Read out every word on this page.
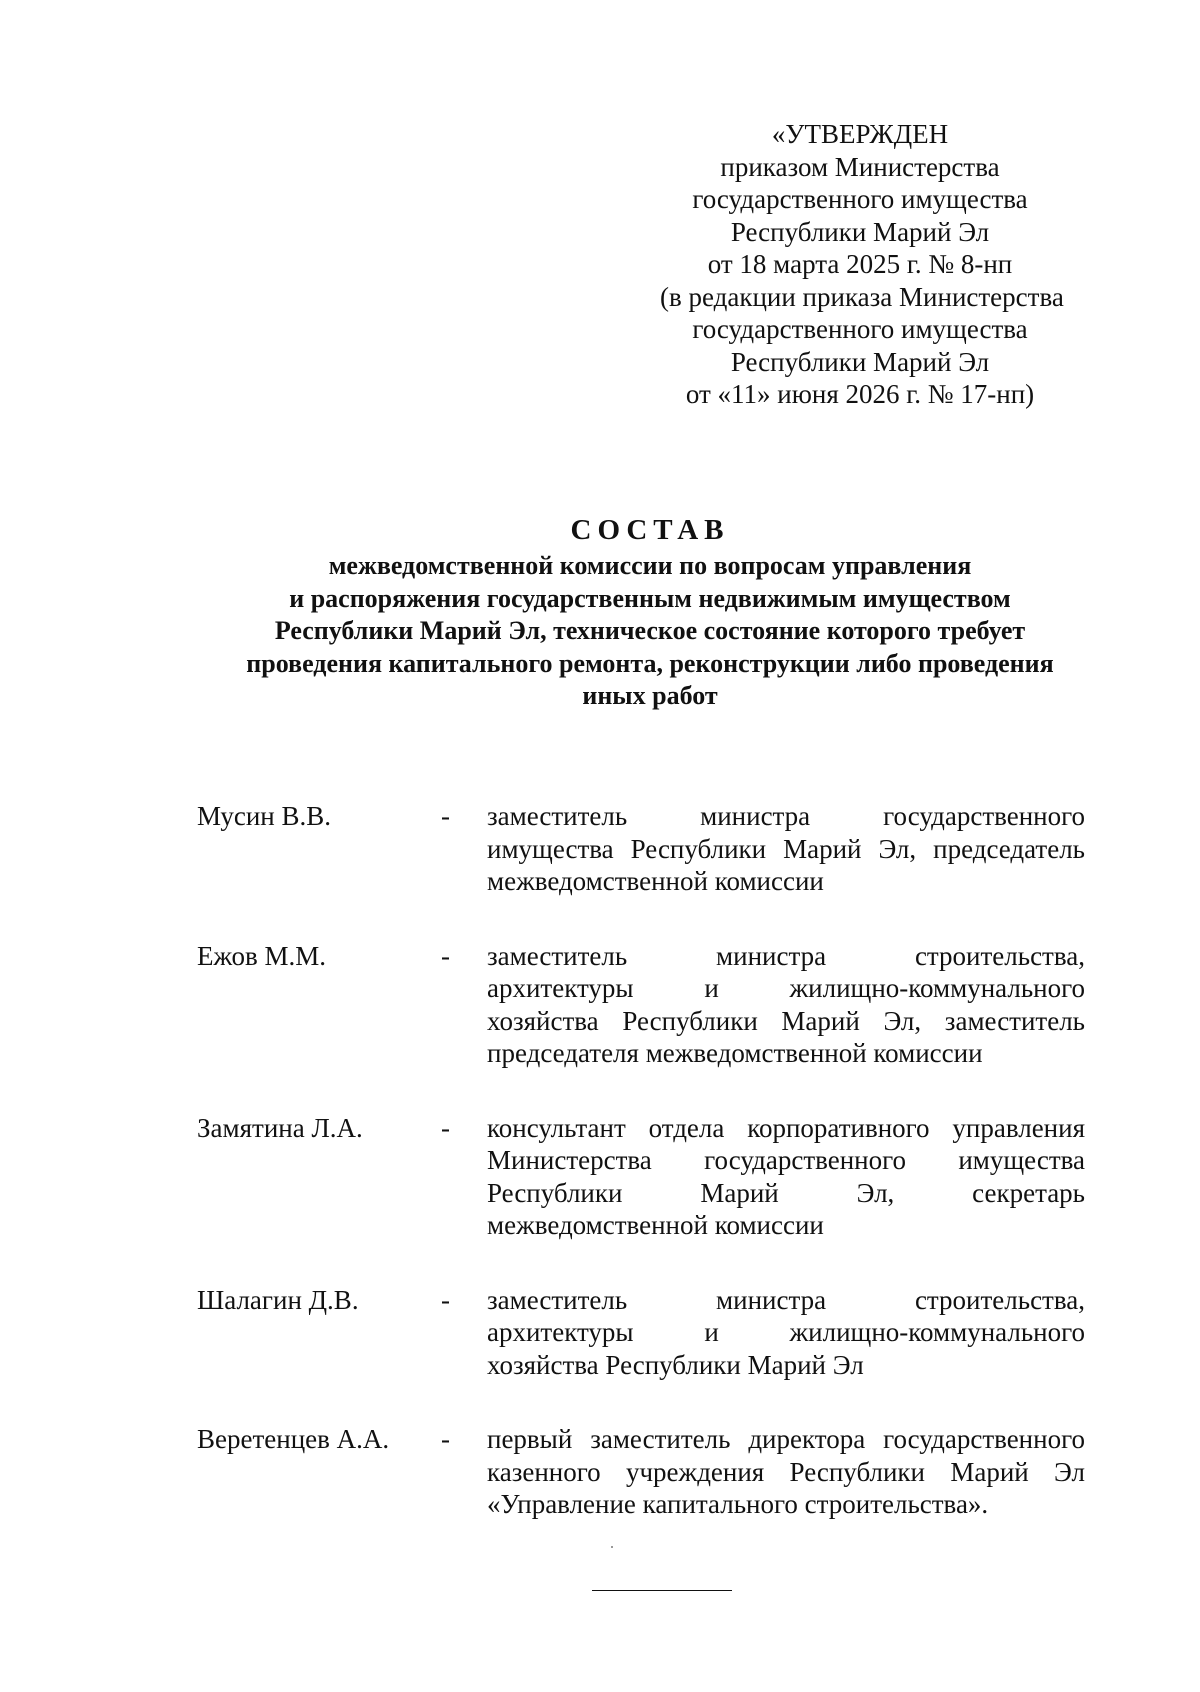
«УТВЕРЖДЕН
приказом Министерства
государственного имущества
Республики Марий Эл
от 18 марта 2025 г. № 8-нп
(в редакции приказа Министерства
государственного имущества
Республики Марий Эл
от «11» июня 2026 г. № 17-нп)
СОСТАВ
межведомственной комиссии по вопросам управления
и распоряжения государственным недвижимым имуществом
Республики Марий Эл, техническое состояние которого требует
проведения капитального ремонта, реконструкции либо проведения
иных работ
Мусин В.В.	- заместитель министра государственного
имущества Республики Марий Эл, председатель
межведомственной комиссии
Ежов М.М.	- заместитель министра строительства,
архитектуры и жилищно-коммунального
хозяйства Республики Марий Эл, заместитель
председателя межведомственной комиссии
Замятина Л.А.	- консультант отдела корпоративного управления
Министерства государственного имущества
Республики Марий Эл, секретарь
межведомственной комиссии
Шалагин Д.В.	- заместитель министра строительства,
архитектуры и жилищно-коммунального
хозяйства Республики Марий Эл
Веретенцев А.А. - первый заместитель директора государственного
казенного учреждения Республики Марий Эл
«Управление капитального строительства».
